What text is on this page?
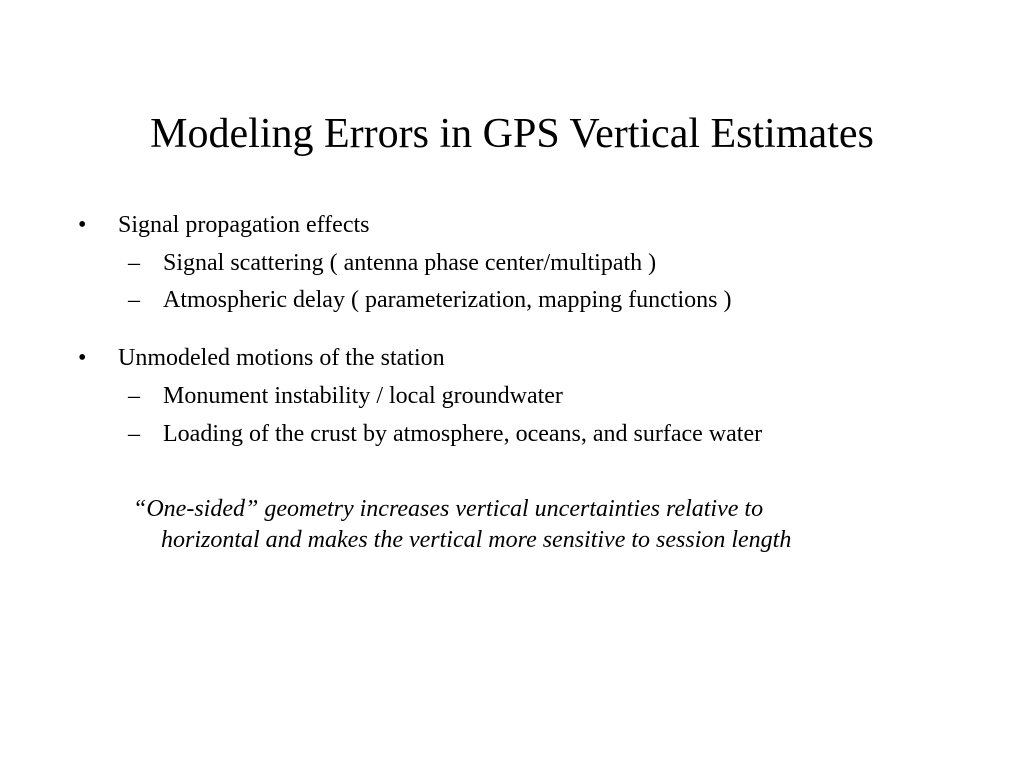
Modeling Errors in GPS Vertical Estimates
•	Signal propagation effects
– Signal scattering ( antenna phase center/multipath )
– Atmospheric delay ( parameterization, mapping functions )
•	Unmodeled motions of the station
– Monument instability / local groundwater
– Loading of the crust by atmosphere, oceans, and surface water
“One-sided” geometry increases vertical uncertainties relative to
horizontal and makes the vertical more sensitive to session length
